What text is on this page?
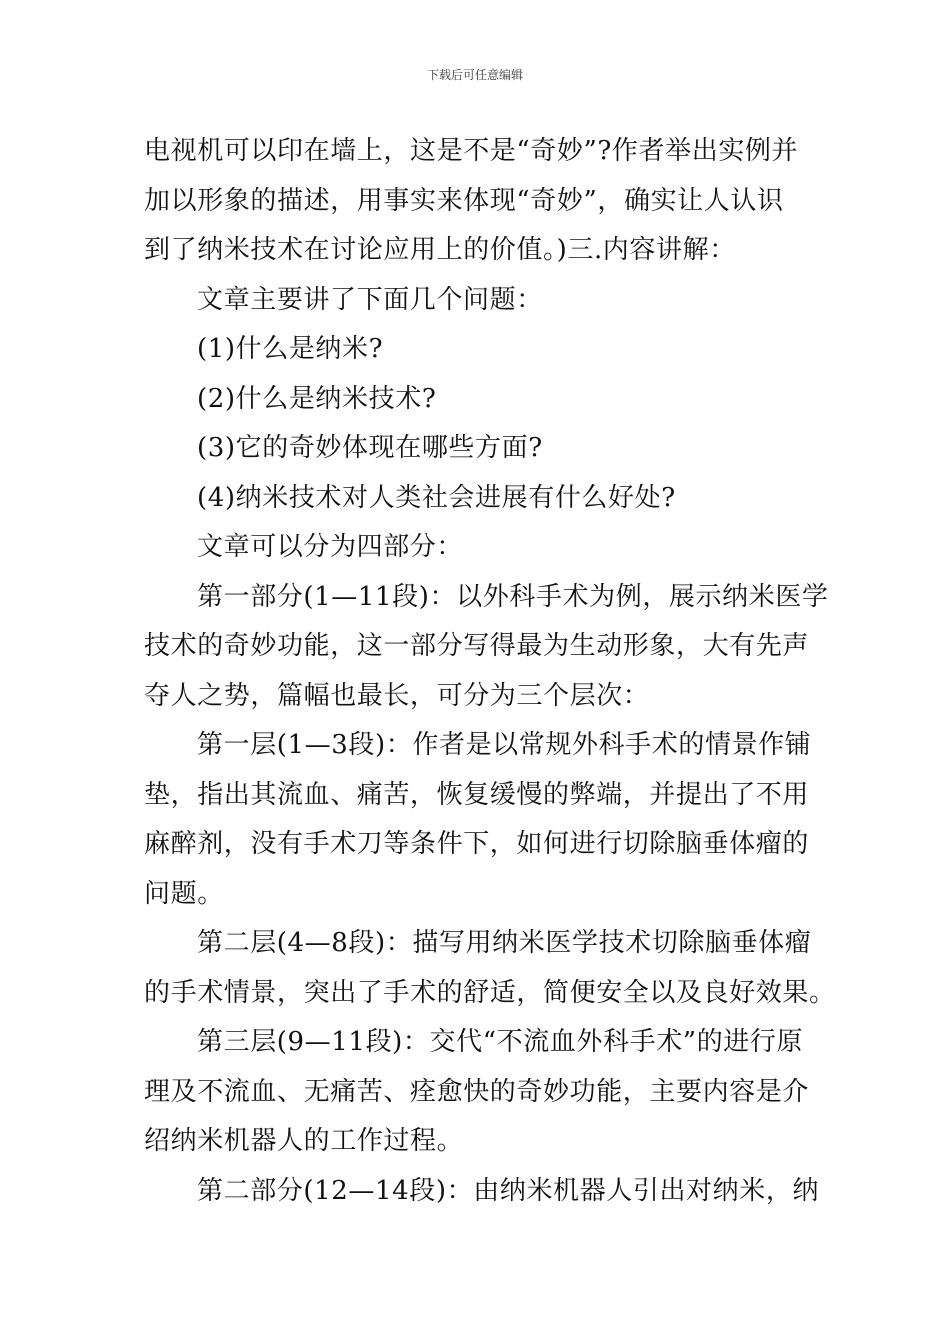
下载后可任意编辑

电视机可以印在墙上，这是不是“奇妙”?作者举出实例并

加以形象的描述，用事实来体现“奇妙”，确实让人认识

到了纳米技术在讨论应用上的价值。)三.内容讲解：

文章主要讲了下面几个问题：

(1)什么是纳米?

(2)什么是纳米技术?

(3)它的奇妙体现在哪些方面?

(4)纳米技术对人类社会进展有什么好处?

文章可以分为四部分：

第一部分(1—11段)：以外科手术为例，展示纳米医学

技术的奇妙功能，这一部分写得最为生动形象，大有先声

夺人之势，篇幅也最长，可分为三个层次：

第一层(1—3段)：作者是以常规外科手术的情景作铺

垫，指出其流血、痛苦，恢复缓慢的弊端，并提出了不用

麻醉剂，没有手术刀等条件下，如何进行切除脑垂体瘤的

问题。

第二层(4—8段)：描写用纳米医学技术切除脑垂体瘤

的手术情景，突出了手术的舒适，简便安全以及良好效果。

第三层(9—11段)：交代“不流血外科手术”的进行原

理及不流血、无痛苦、痊愈快的奇妙功能，主要内容是介

绍纳米机器人的工作过程。

第二部分(12—14段)：由纳米机器人引出对纳米，纳
